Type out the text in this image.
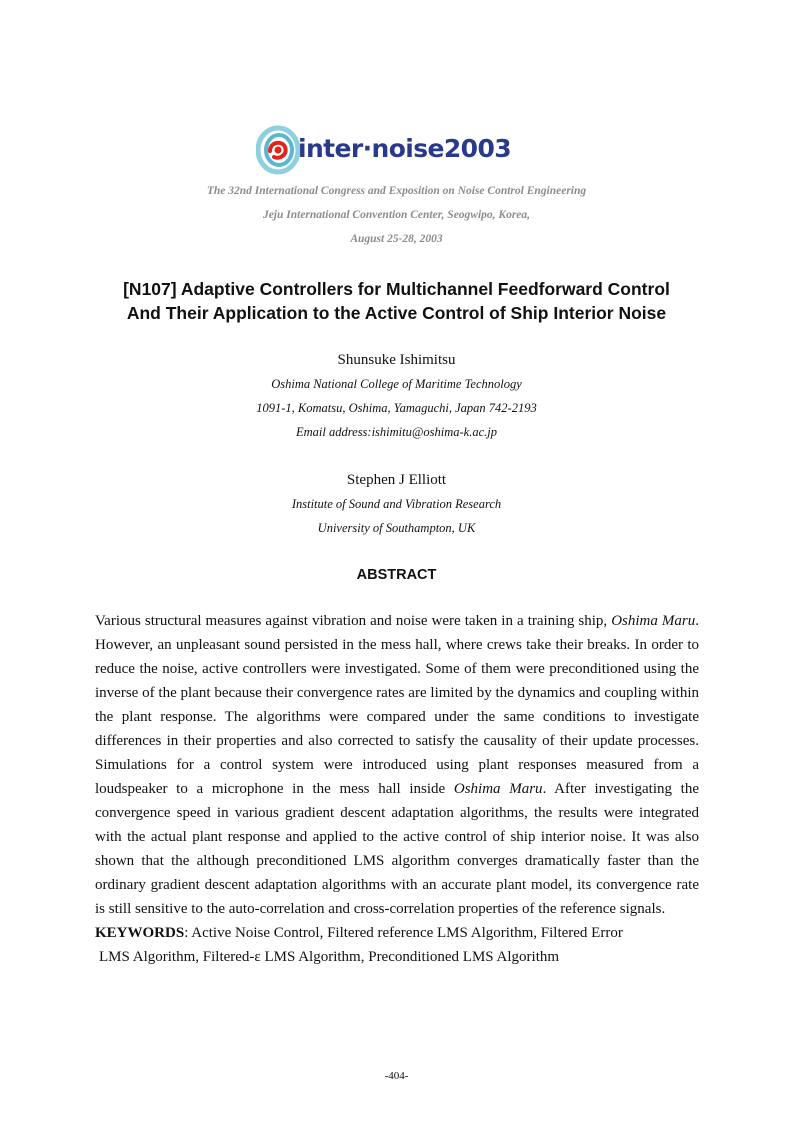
inter·noise2003
The 32nd International Congress and Exposition on Noise Control Engineering
Jeju International Convention Center, Seogwipo, Korea,
August 25-28, 2003
[N107] Adaptive Controllers for Multichannel Feedforward Control
And Their Application to the Active Control of Ship Interior Noise
Shunsuke Ishimitsu
Oshima National College of Maritime Technology
1091-1, Komatsu, Oshima, Yamaguchi, Japan 742-2193
Email address:ishimitu@oshima-k.ac.jp
Stephen J Elliott
Institute of Sound and Vibration Research
University of Southampton, UK
ABSTRACT

Various structural measures against vibration and noise were taken in a training ship, Oshima Maru. However, an unpleasant sound persisted in the mess hall, where crews take their breaks. In order to reduce the noise, active controllers were investigated. Some of them were preconditioned using the inverse of the plant because their convergence rates are limited by the dynamics and coupling within the plant response. The algorithms were compared under the same conditions to investigate differences in their properties and also corrected to satisfy the causality of their update processes. Simulations for a control system were introduced using plant responses measured from a loudspeaker to a microphone in the mess hall inside Oshima Maru. After investigating the convergence speed in various gradient descent adaptation algorithms, the results were integrated with the actual plant response and applied to the active control of ship interior noise. It was also shown that the although preconditioned LMS algorithm converges dramatically faster than the ordinary gradient descent adaptation algorithms with an accurate plant model, its convergence rate is still sensitive to the auto-correlation and cross-correlation properties of the reference signals.

KEYWORDS: Active Noise Control, Filtered reference LMS Algorithm, Filtered Error

LMS Algorithm, Filtered-ε LMS Algorithm, Preconditioned LMS Algorithm

-404-
